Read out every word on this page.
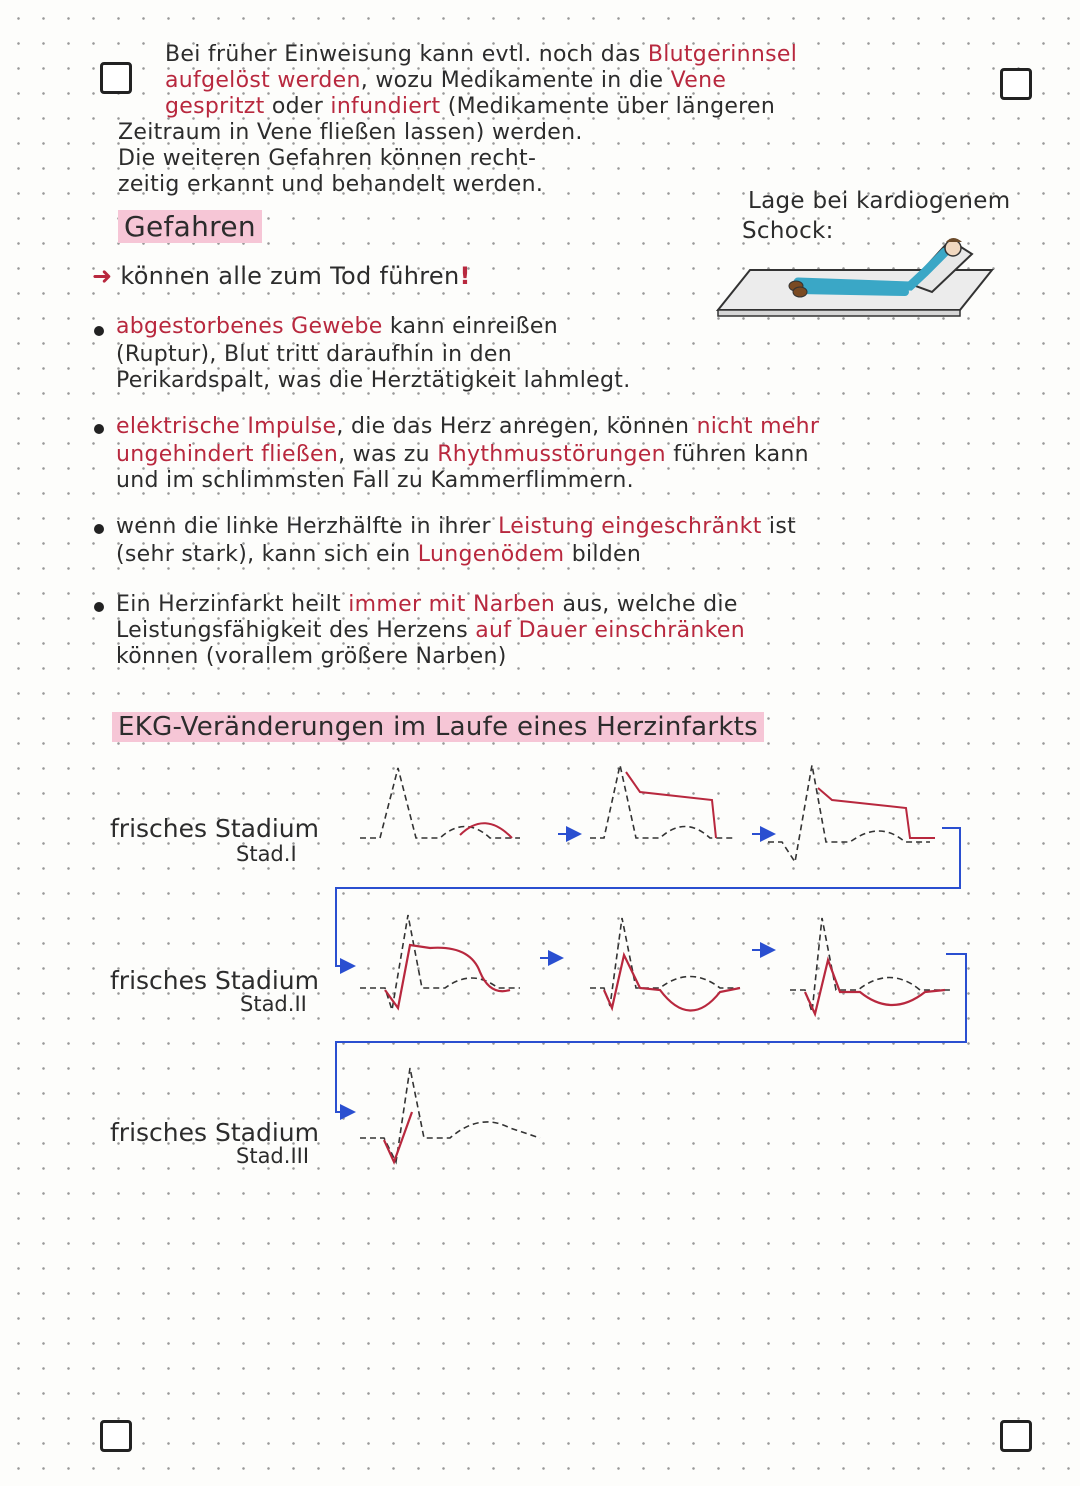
Bei früher Einweisung kann evtl. noch das Blutgerinnsel
aufgelöst werden, wozu Medikamente in die Vene
gespritzt oder infundiert (Medikamente über längeren
Zeitraum in Vene fließen lassen) werden.
Die weiteren Gefahren können recht-
zeitig erkannt und behandelt werden.
Lage bei kardiogenem
Schock:
Gefahren
➜ können alle zum Tod führen!
abgestorbenes Gewebe kann einreißen
(Ruptur), Blut tritt daraufhin in den
Perikardspalt, was die Herztätigkeit lahmlegt.
elektrische Impulse, die das Herz anregen, können nicht mehr
ungehindert fließen, was zu Rhythmusstörungen führen kann
und im schlimmsten Fall zu Kammerflimmern.
wenn die linke Herzhälfte in ihrer Leistung eingeschränkt ist
(sehr stark), kann sich ein Lungenödem bilden
Ein Herzinfarkt heilt immer mit Narben aus, welche die
Leistungsfähigkeit des Herzens auf Dauer einschränken
können (vorallem größere Narben)
EKG-Veränderungen im Laufe eines Herzinfarkts
frisches Stadium
Stad.I
frisches Stadium
Stad.II
frisches Stadium
Stad.III
